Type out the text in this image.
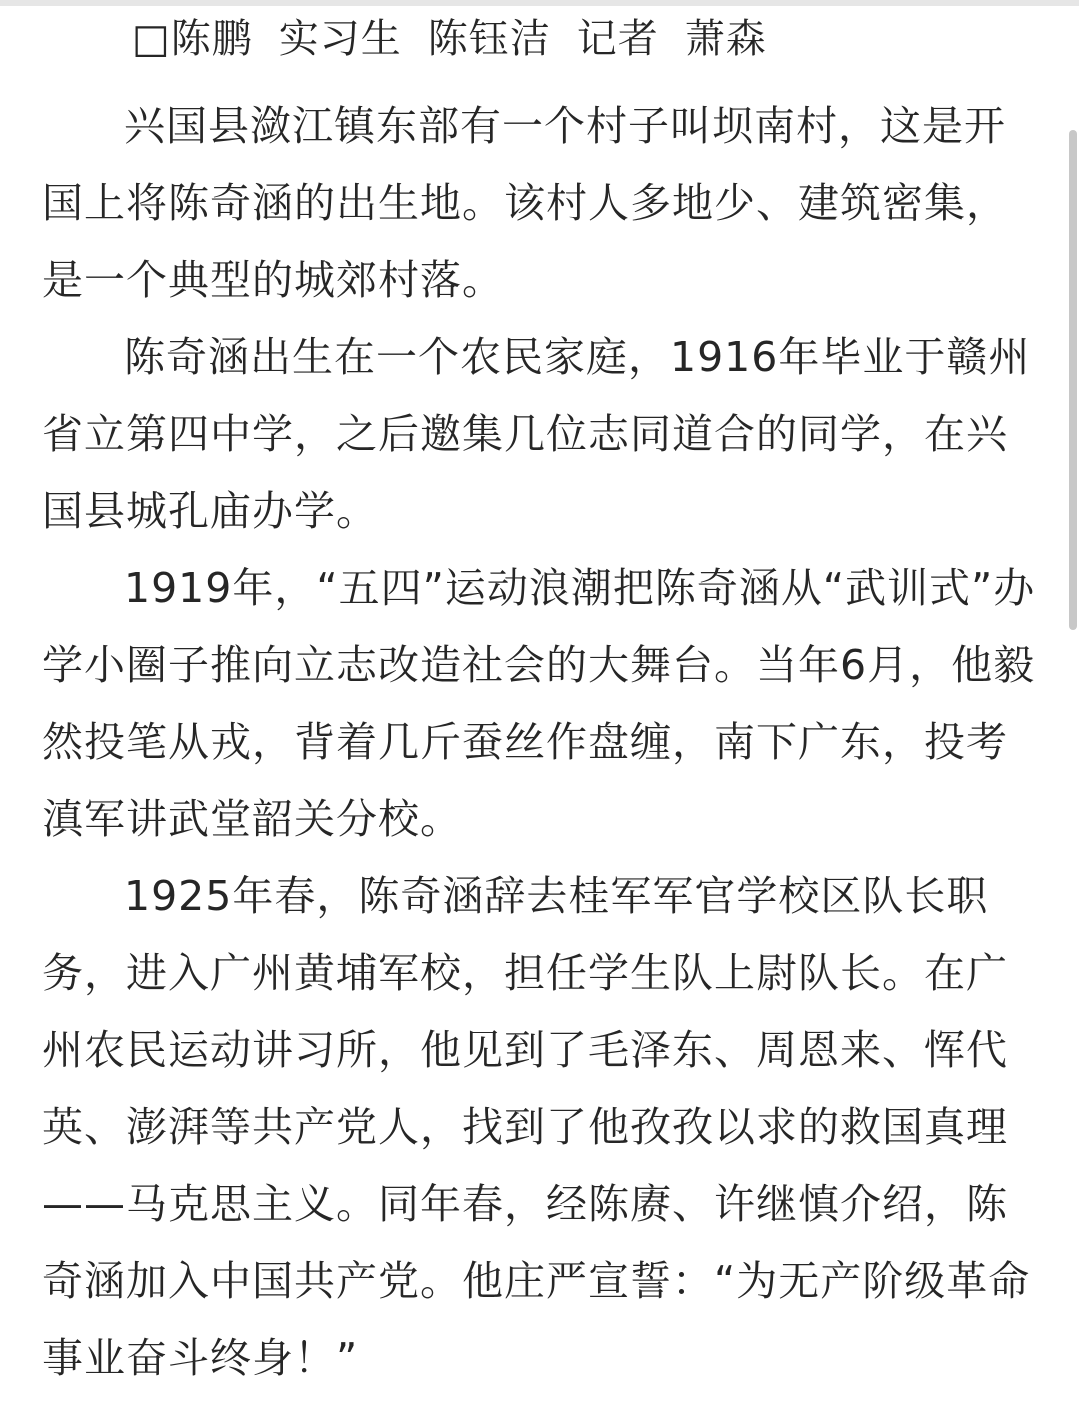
□陈鹏 实习生 陈钰洁 记者 萧森

兴国县潋江镇东部有一个村子叫坝南村，这是开国上将陈奇涵的出生地。该村人多地少、建筑密集，是一个典型的城郊村落。

陈奇涵出生在一个农民家庭，1916年毕业于赣州省立第四中学，之后邀集几位志同道合的同学，在兴国县城孔庙办学。

1919年，“五四”运动浪潮把陈奇涵从“武训式”办学小圈子推向立志改造社会的大舞台。当年6月，他毅然投笔从戎，背着几斤蚕丝作盘缠，南下广东，投考滇军讲武堂韶关分校。

1925年春，陈奇涵辞去桂军军官学校区队长职务，进入广州黄埔军校，担任学生队上尉队长。在广州农民运动讲习所，他见到了毛泽东、周恩来、恽代英、澎湃等共产党人，找到了他孜孜以求的救国真理——马克思主义。同年春，经陈赓、许继慎介绍，陈奇涵加入中国共产党。他庄严宣誓：“为无产阶级革命事业奋斗终身！”
